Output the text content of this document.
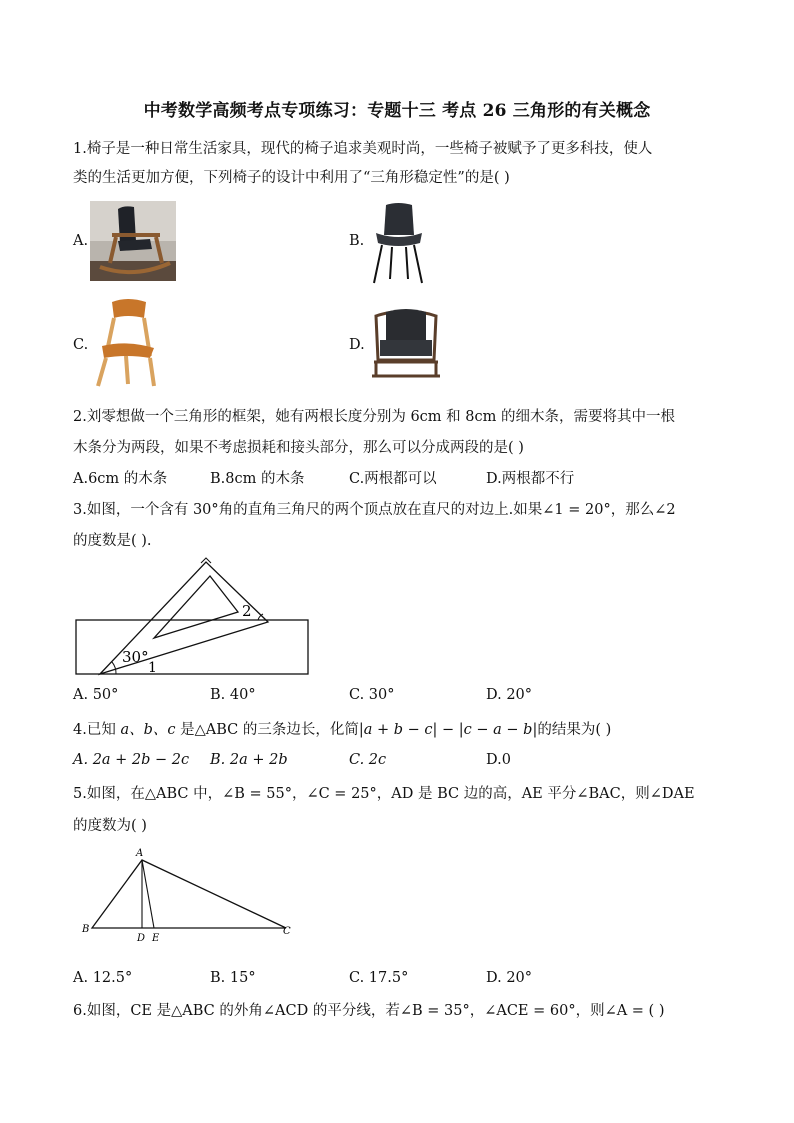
中考数学高频考点专项练习：专题十三 考点 26 三角形的有关概念
1.椅子是一种日常生活家具，现代的椅子追求美观时尚，一些椅子被赋予了更多科技，使人
类的生活更加方便，下列椅子的设计中利用了“三角形稳定性”的是( )
A.	B.
C.	D.
2.刘零想做一个三角形的框架，她有两根长度分别为 6cm 和 8cm 的细木条，需要将其中一根
木条分为两段，如果不考虑损耗和接头部分，那么可以分成两段的是( )
A.6cm 的木条	B.8cm 的木条	C.两根都可以	D.两根都不行
3.如图，一个含有 30°角的直角三角尺的两个顶点放在直尺的对边上.如果∠1 = 20°，那么∠2
的度数是( ).
30°
1
2
A. 50°	B. 40°	C. 30°	D. 20°
4.已知 a、b、c 是△ABC 的三条边长，化简|a + b − c| − |c − a − b|的结果为( )
A. 2a + 2b − 2c B. 2a + 2b	C. 2c	D.0
5.如图，在△ABC 中，∠B = 55°，∠C = 25°，AD 是 BC 边的高，AE 平分∠BAC，则∠DAE
的度数为( )
A
B	C
D E
A. 12.5°	B. 15°	C. 17.5°	D. 20°
6.如图，CE 是△ABC 的外角∠ACD 的平分线，若∠B = 35°，∠ACE = 60°，则∠A = ( )
